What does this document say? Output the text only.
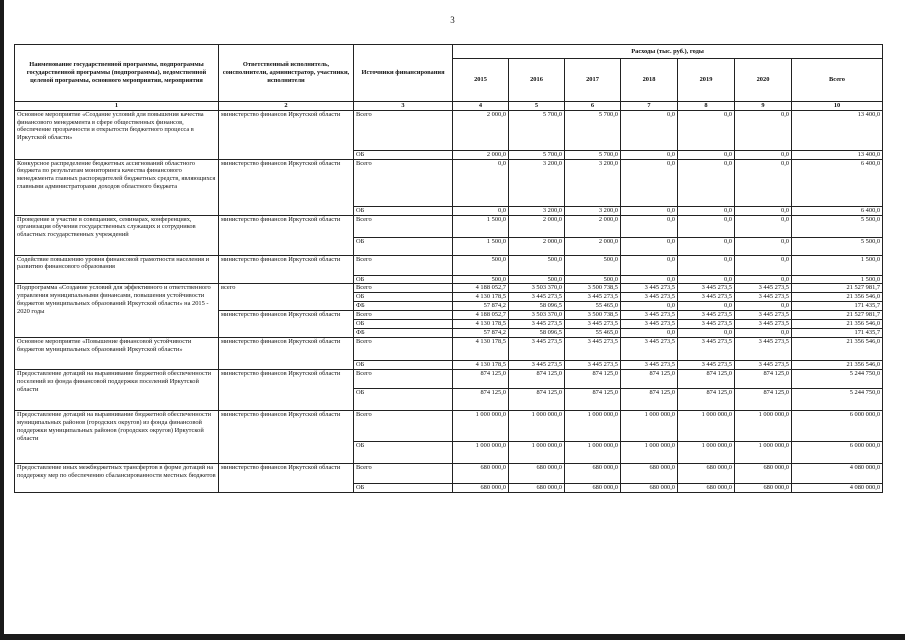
3
Наименование государственной программы, подпрограммы государственной программы (подпрограммы), ведомственной целевой программы, основного мероприятия, мероприятия	Ответственный исполнитель, соисполнители, администратор, участники, исполнители	Источники финансирования	Расходы (тыс. руб.), годы						
			2015	2016	2017	2018	2019	2020	Всего
1	2	3	4	5	6	7	8	9	10
Основное мероприятие «Создание условий для повышения качества финансового менеджмента в сфере общественных финансов, обеспечение прозрачности и открытости бюджетного процесса в Иркутской области»	министерство финансов Иркутской области	Всего	2 000,0	5 700,0	5 700,0	0,0	0,0	0,0	13 400,0
		ОБ	2 000,0	5 700,0	5 700,0	0,0	0,0	0,0	13 400,0
Конкурсное распределение бюджетных ассигнований областного бюджета по результатам мониторинга качества финансового менеджмента главных распорядителей бюджетных средств, являющихся главными администраторами доходов областного бюджета	министерство финансов Иркутской области	Всего	0,0	3 200,0	3 200,0	0,0	0,0	0,0	6 400,0
		ОБ	0,0	3 200,0	3 200,0	0,0	0,0	0,0	6 400,0
Проведение и участие в совещаниях, семинарах, конференциях, организация обучения государственных служащих и сотрудников областных государственных учреждений	министерство финансов Иркутской области	Всего	1 500,0	2 000,0	2 000,0	0,0	0,0	0,0	5 500,0
		ОБ	1 500,0	2 000,0	2 000,0	0,0	0,0	0,0	5 500,0
Содействие повышению уровня финансовой грамотности населения и развитию финансового образования	министерство финансов Иркутской области	Всего	500,0	500,0	500,0	0,0	0,0	0,0	1 500,0
		ОБ	500,0	500,0	500,0	0,0	0,0	0,0	1 500,0
Подпрограмма «Создание условий для эффективного и ответственного управления муниципальными финансами, повышения устойчивости бюджетов муниципальных образований Иркутской области» на 2015 - 2020 годы	всего	Всего	4 188 052,7	3 503 370,0	3 500 738,5	3 445 273,5	3 445 273,5	3 445 273,5	21 527 981,7
		ОБ	4 130 178,5	3 445 273,5	3 445 273,5	3 445 273,5	3 445 273,5	3 445 273,5	21 356 546,0
		ФБ	57 874,2	58 096,5	55 465,0	0,0	0,0	0,0	171 435,7
	министерство финансов Иркутской области	Всего	4 188 052,7	3 503 370,0	3 500 738,5	3 445 273,5	3 445 273,5	3 445 273,5	21 527 981,7
		ОБ	4 130 178,5	3 445 273,5	3 445 273,5	3 445 273,5	3 445 273,5	3 445 273,5	21 356 546,0
		ФБ	57 874,2	58 096,5	55 465,0	0,0	0,0	0,0	171 435,7
Основное мероприятие «Повышение финансовой устойчивости бюджетов муниципальных образований Иркутской области»	министерство финансов Иркутской области	Всего	4 130 178,5	3 445 273,5	3 445 273,5	3 445 273,5	3 445 273,5	3 445 273,5	21 356 546,0
		ОБ	4 130 178,5	3 445 273,5	3 445 273,5	3 445 273,5	3 445 273,5	3 445 273,5	21 356 546,0
Предоставление дотаций на выравнивание бюджетной обеспеченности поселений из фонда финансовой поддержки поселений Иркутской области	министерство финансов Иркутской области	Всего	874 125,0	874 125,0	874 125,0	874 125,0	874 125,0	874 125,0	5 244 750,0
		ОБ	874 125,0	874 125,0	874 125,0	874 125,0	874 125,0	874 125,0	5 244 750,0
Предоставление дотаций на выравнивание бюджетной обеспеченности муниципальных районов (городских округов) из фонда финансовой поддержки муниципальных районов (городских округов) Иркутской области	министерство финансов Иркутской области	Всего	1 000 000,0	1 000 000,0	1 000 000,0	1 000 000,0	1 000 000,0	1 000 000,0	6 000 000,0
		ОБ	1 000 000,0	1 000 000,0	1 000 000,0	1 000 000,0	1 000 000,0	1 000 000,0	6 000 000,0
Предоставление иных межбюджетных трансфертов в форме дотаций на поддержку мер по обеспечению сбалансированности местных бюджетов	министерство финансов Иркутской области	Всего	680 000,0	680 000,0	680 000,0	680 000,0	680 000,0	680 000,0	4 080 000,0
		ОБ	680 000,0	680 000,0	680 000,0	680 000,0	680 000,0	680 000,0	4 080 000,0
